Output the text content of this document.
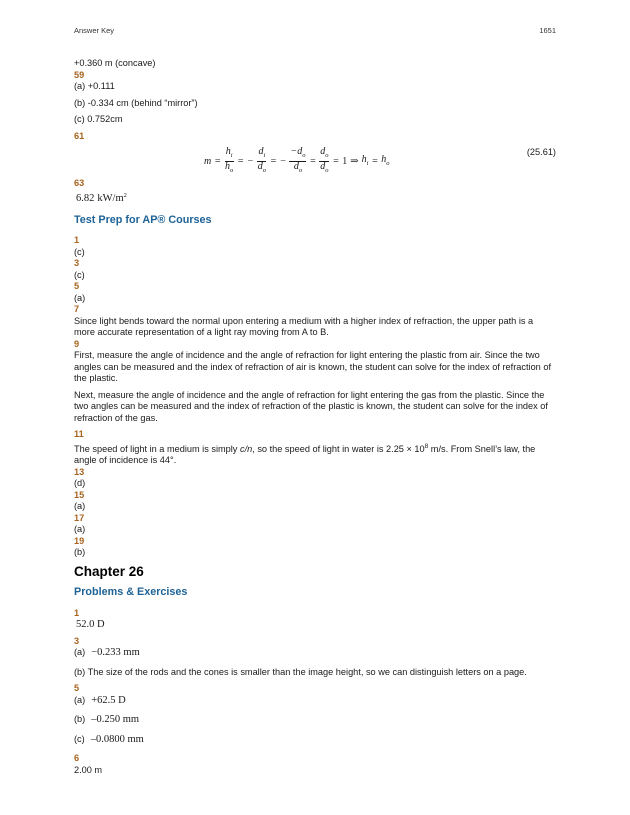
Answer Key	1651
+0.360 m (concave)
59
(a) +0.111
(b) -0.334 cm (behind “mirror”)
(c) 0.752cm
61
$m = \frac{h_i}{h_o}$ = − $\frac{d_i}{d_o}$ = − $\frac{-d_o}{d_o} = \frac{d_o}{d_o} = 1$ ⇒ $h_i = h_o$
(25.61)
63
6.82 $kW/m^2$
Test Prep for AP® Courses
1
(c)
3
(c)
5
(a)
7
Since light bends toward the normal upon entering a medium with a higher index of refraction, the upper path is a more accurate representation of a light ray moving from A to B.
9
First, measure the angle of incidence and the angle of refraction for light entering the plastic from air. Since the two angles can be measured and the index of refraction of air is known, the student can solve for the index of refraction of the plastic.
Next, measure the angle of incidence and the angle of refraction for light entering the gas from the plastic. Since the two angles can be measured and the index of refraction of the plastic is known, the student can solve for the index of refraction of the gas.
11
The speed of light in a medium is simply c/n, so the speed of light in water is $2.25 \times 10^8$ m/s. From Snell’s law, the angle of incidence is 44°.
13
(d)
15
(a)
17
(a)
19
(b)
Chapter 26
Problems & Exercises
1
52.0 D
3
(a) −0.233 mm
(b) The size of the rods and the cones is smaller than the image height, so we can distinguish letters on a page.
5
(a) +62.5 D
(b) –0.250 mm
(c) –0.0800 mm
6
2.00 m
